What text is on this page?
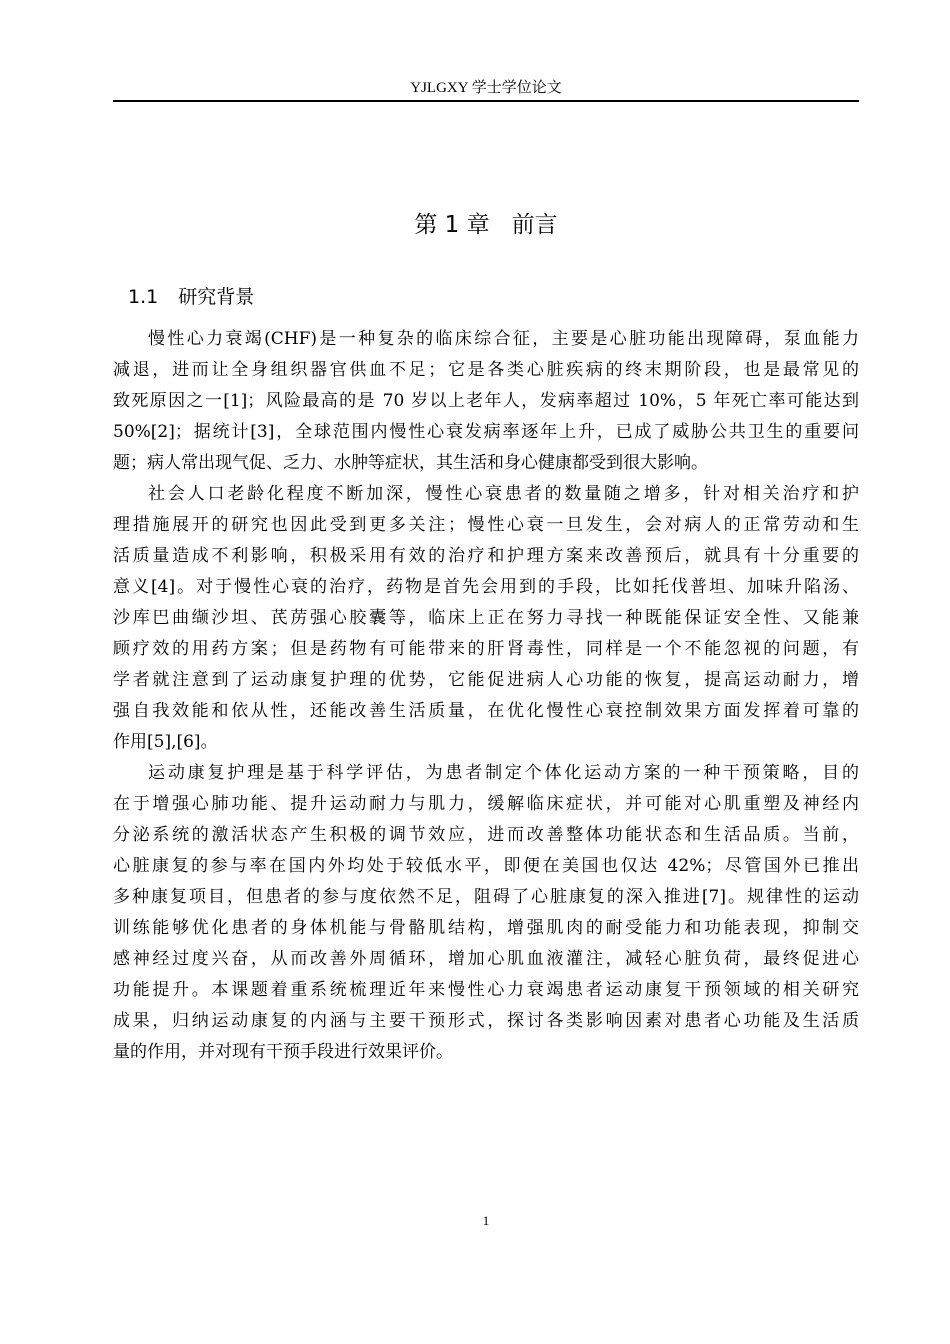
YJLGXY 学士学位论文
第 1 章 前言
1.1 研究背景
慢性心力衰竭(CHF)是一种复杂的临床综合征，主要是心脏功能出现障碍，泵血能力
减退，进而让全身组织器官供血不足；它是各类心脏疾病的终末期阶段，也是最常见的
致死原因之一[1]；风险最高的是 70 岁以上老年人，发病率超过 10%，5 年死亡率可能达到
50%[2]；据统计[3]，全球范围内慢性心衰发病率逐年上升，已成了威胁公共卫生的重要问
题；病人常出现气促、乏力、水肿等症状，其生活和身心健康都受到很大影响。
社会人口老龄化程度不断加深，慢性心衰患者的数量随之增多，针对相关治疗和护
理措施展开的研究也因此受到更多关注；慢性心衰一旦发生，会对病人的正常劳动和生
活质量造成不利影响，积极采用有效的治疗和护理方案来改善预后，就具有十分重要的
意义[4]。对于慢性心衰的治疗，药物是首先会用到的手段，比如托伐普坦、加味升陷汤、
沙库巴曲缬沙坦、芪苈强心胶囊等，临床上正在努力寻找一种既能保证安全性、又能兼
顾疗效的用药方案；但是药物有可能带来的肝肾毒性，同样是一个不能忽视的问题，有
学者就注意到了运动康复护理的优势，它能促进病人心功能的恢复，提高运动耐力，增
强自我效能和依从性，还能改善生活质量，在优化慢性心衰控制效果方面发挥着可靠的
作用[5],[6]。
运动康复护理是基于科学评估，为患者制定个体化运动方案的一种干预策略，目的
在于增强心肺功能、提升运动耐力与肌力，缓解临床症状，并可能对心肌重塑及神经内
分泌系统的激活状态产生积极的调节效应，进而改善整体功能状态和生活品质。当前，
心脏康复的参与率在国内外均处于较低水平，即便在美国也仅达 42%；尽管国外已推出
多种康复项目，但患者的参与度依然不足，阻碍了心脏康复的深入推进[7]。规律性的运动
训练能够优化患者的身体机能与骨骼肌结构，增强肌肉的耐受能力和功能表现，抑制交
感神经过度兴奋，从而改善外周循环，增加心肌血液灌注，减轻心脏负荷，最终促进心
功能提升。本课题着重系统梳理近年来慢性心力衰竭患者运动康复干预领域的相关研究
成果，归纳运动康复的内涵与主要干预形式，探讨各类影响因素对患者心功能及生活质
量的作用，并对现有干预手段进行效果评价。
1
